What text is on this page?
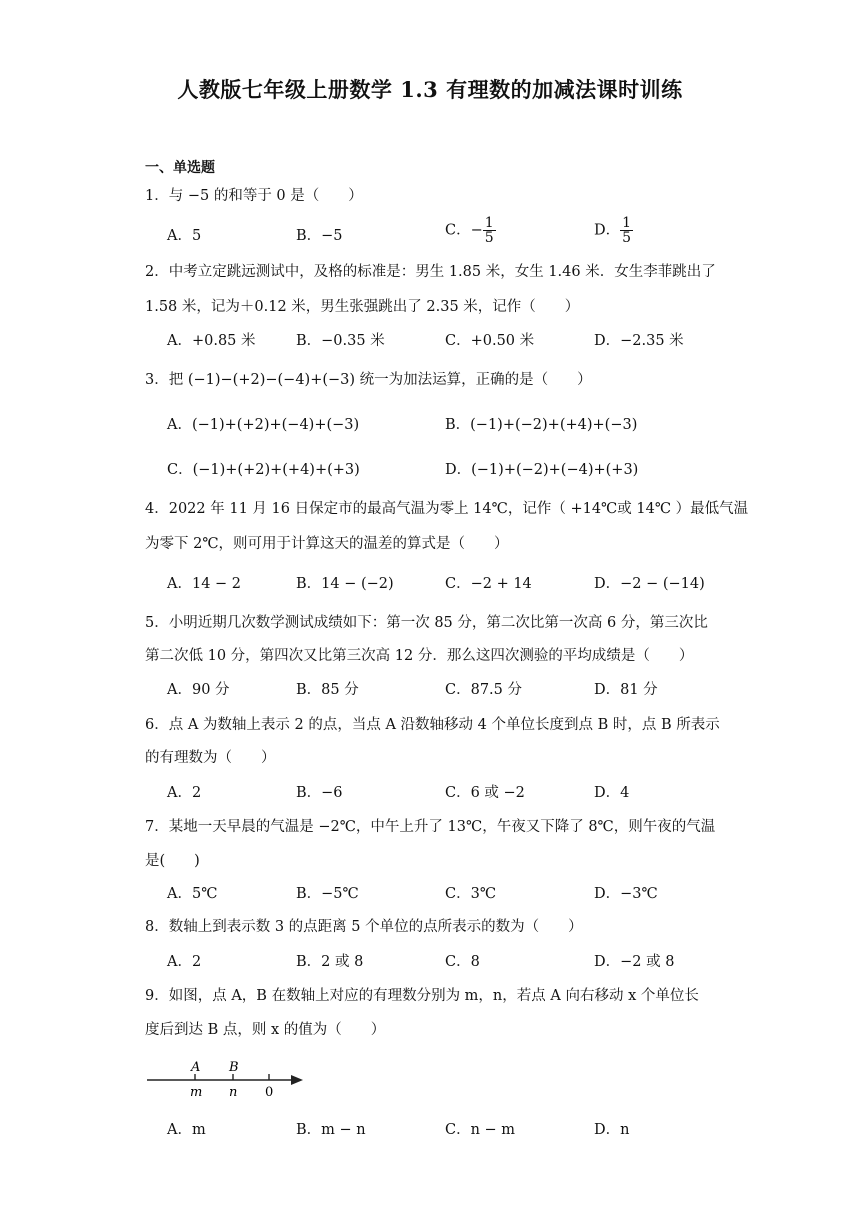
人教版七年级上册数学 1.3 有理数的加减法课时训练
一、单选题
1．与 −5 的和等于 0 是（　　）
A．5	B．−5	C．− $\frac{1}{5}$	D． $\frac{1}{5}$
2．中考立定跳远测试中，及格的标准是：男生 1.85 米，女生 1.46 米．女生李菲跳出了
1.58 米，记为＋0.12 米，男生张强跳出了 2.35 米，记作（　　）
A．+0.85 米	B．−0.35 米	C．+0.50 米	D．−2.35 米
3．把 (−1)−(+2)−(−4)+(−3) 统一为加法运算，正确的是（　　）
A．(−1)+(+2)+(−4)+(−3)	B．(−1)+(−2)+(+4)+(−3)
C．(−1)+(+2)+(+4)+(+3)	D．(−1)+(−2)+(−4)+(+3)
4．2022 年 11 月 16 日保定市的最高气温为零上 14℃，记作（ +14℃或 14℃ ）最低气温
为零下 2℃，则可用于计算这天的温差的算式是（　　）
A．14 − 2	B．14 − (−2)	C．−2 + 14	D．−2 − (−14)
5．小明近期几次数学测试成绩如下：第一次 85 分，第二次比第一次高 6 分，第三次比
第二次低 10 分，第四次又比第三次高 12 分．那么这四次测验的平均成绩是（　　）
A．90 分	B．85 分	C．87.5 分	D．81 分
6．点 A 为数轴上表示 2 的点，当点 A 沿数轴移动 4 个单位长度到点 B 时，点 B 所表示
的有理数为（　　）
A．2	B．−6	C．6 或 −2	D．4
7．某地一天早晨的气温是 −2℃，中午上升了 13℃，午夜又下降了 8℃，则午夜的气温
是(　　)
A．5℃	B．−5℃	C．3℃	D．−3℃
8．数轴上到表示数 3 的点距离 5 个单位的点所表示的数为（　　）
A．2	B．2 或 8	C．8	D．−2 或 8
9．如图，点 A，B 在数轴上对应的有理数分别为 m，n，若点 A 向右移动 x 个单位长
度后到达 B 点，则 x 的值为（　　）
A B
m n 0
A．m	B．m − n	C．n − m	D．n
